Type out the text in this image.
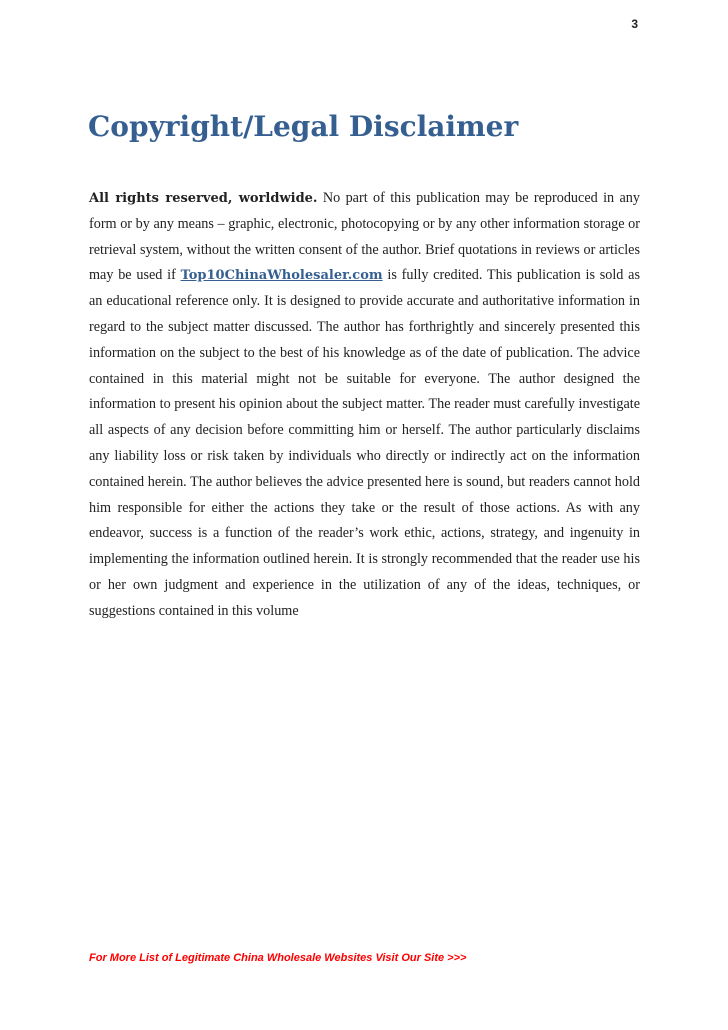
3
Copyright/Legal Disclaimer

All rights reserved, worldwide. No part of this publication may be reproduced in any form or by any means – graphic, electronic, photocopying or by any other information storage or retrieval system, without the written consent of the author. Brief quotations in reviews or articles may be used if Top10ChinaWholesaler.com is fully credited. This publication is sold as an educational reference only. It is designed to provide accurate and authoritative information in regard to the subject matter discussed. The author has forthrightly and sincerely presented this information on the subject to the best of his knowledge as of the date of publication. The advice contained in this material might not be suitable for everyone. The author designed the information to present his opinion about the subject matter. The reader must carefully investigate all aspects of any decision before committing him or herself. The author particularly disclaims any liability loss or risk taken by individuals who directly or indirectly act on the information contained herein. The author believes the advice presented here is sound, but readers cannot hold him responsible for either the actions they take or the result of those actions. As with any endeavor, success is a function of the reader’s work ethic, actions, strategy, and ingenuity in implementing the information outlined herein. It is strongly recommended that the reader use his or her own judgment and experience in the utilization of any of the ideas, techniques, or suggestions contained in this volume

For More List of Legitimate China Wholesale Websites Visit Our Site >>>
